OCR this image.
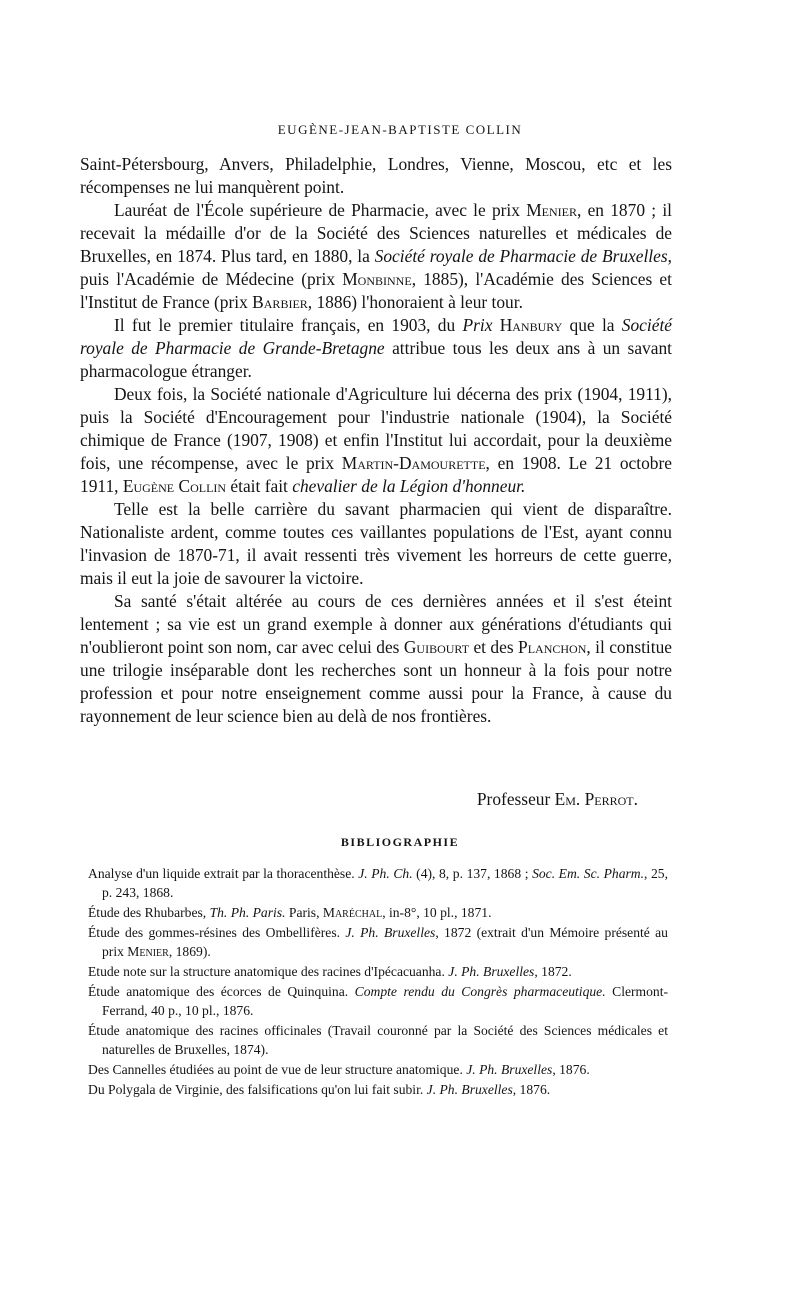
EUGÈNE-JEAN-BAPTISTE COLLIN

Saint-Pétersbourg, Anvers, Philadelphie, Londres, Vienne, Moscou, etc et les récompenses ne lui manquèrent point.

Lauréat de l'École supérieure de Pharmacie, avec le prix Menier, en 1870 ; il recevait la médaille d'or de la Société des Sciences naturelles et médicales de Bruxelles, en 1874. Plus tard, en 1880, la Société royale de Pharmacie de Bruxelles, puis l'Académie de Médecine (prix Monbinne, 1885), l'Académie des Sciences et l'Institut de France (prix Barbier, 1886) l'honoraient à leur tour.

Il fut le premier titulaire français, en 1903, du Prix Hanbury que la Société royale de Pharmacie de Grande-Bretagne attribue tous les deux ans à un savant pharmacologue étranger.

Deux fois, la Société nationale d'Agriculture lui décerna des prix (1904, 1911), puis la Société d'Encouragement pour l'industrie nationale (1904), la Société chimique de France (1907, 1908) et enfin l'Institut lui accordait, pour la deuxième fois, une récompense, avec le prix Martin-Damourette, en 1908. Le 21 octobre 1911, Eugène Collin était fait chevalier de la Légion d'honneur.

Telle est la belle carrière du savant pharmacien qui vient de disparaître. Nationaliste ardent, comme toutes ces vaillantes populations de l'Est, ayant connu l'invasion de 1870-71, il avait ressenti très vivement les horreurs de cette guerre, mais il eut la joie de savourer la victoire.

Sa santé s'était altérée au cours de ces dernières années et il s'est éteint lentement ; sa vie est un grand exemple à donner aux générations d'étudiants qui n'oublieront point son nom, car avec celui des Guibourt et des Planchon, il constitue une trilogie inséparable dont les recherches sont un honneur à la fois pour notre profession et pour notre enseignement comme aussi pour la France, à cause du rayonnement de leur science bien au delà de nos frontières.

Professeur Em. Perrot.
BIBLIOGRAPHIE

Analyse d'un liquide extrait par la thoracenthèse. J. Ph. Ch. (4), 8, p. 137, 1868 ; Soc. Em. Sc. Pharm., 25, p. 243, 1868.

Étude des Rhubarbes, Th. Ph. Paris. Paris, Maréchal, in-8°, 10 pl., 1871.

Étude des gommes-résines des Ombellifères. J. Ph. Bruxelles, 1872 (extrait d'un Mémoire présenté au prix Menier, 1869).

Etude note sur la structure anatomique des racines d'Ipécacuanha. J. Ph. Bruxelles, 1872.

Étude anatomique des écorces de Quinquina. Compte rendu du Congrès pharmaceutique. Clermont-Ferrand, 40 p., 10 pl., 1876.

Étude anatomique des racines officinales (Travail couronné par la Société des Sciences médicales et naturelles de Bruxelles, 1874).

Des Cannelles étudiées au point de vue de leur structure anatomique. J. Ph. Bruxelles, 1876.

Du Polygala de Virginie, des falsifications qu'on lui fait subir. J. Ph. Bruxelles, 1876.
